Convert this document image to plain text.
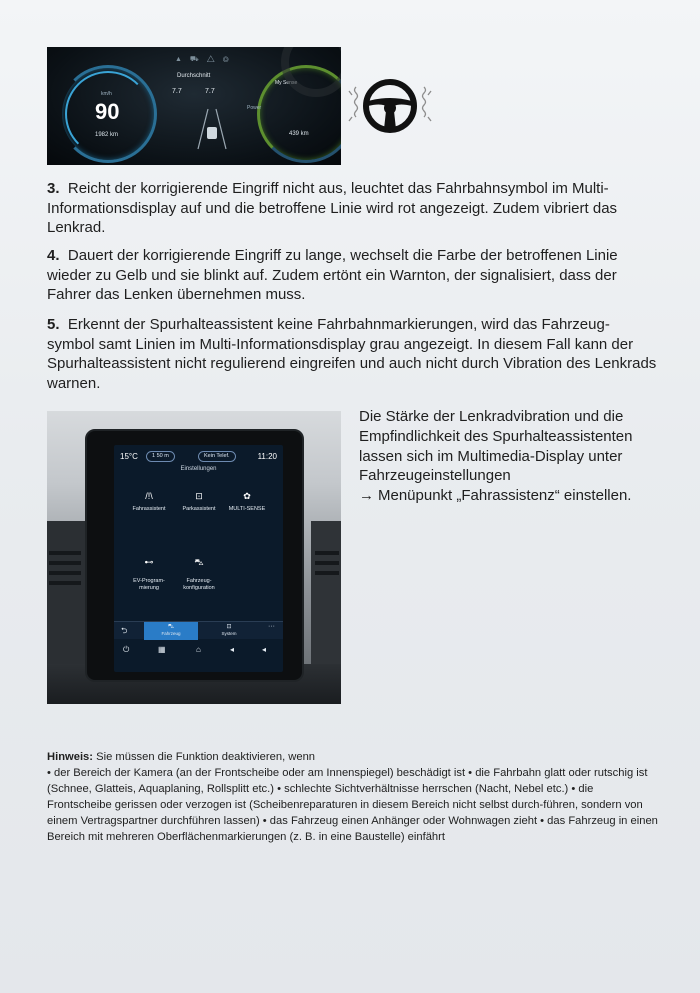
▲ ⛟ △ ◎
km/h
90
1982 km
Durchschnitt
7.7	7.7
My Sense
Power
439 km

3. Reicht der korrigierende Eingriff nicht aus, leuchtet das Fahrbahnsymbol im Multi-Informationsdisplay auf und die betroffene Linie wird rot angezeigt. Zudem vibriert das Lenkrad.

4. Dauert der korrigierende Eingriff zu lange, wechselt die Farbe der betroffenen Linie wieder zu Gelb und sie blinkt auf. Zudem ertönt ein Warnton, der signalisiert, dass der Fahrer das Lenken übernehmen muss.

5. Erkennt der Spurhalteassistent keine Fahrbahnmarkierungen, wird das Fahrzeug-symbol samt Linien im Multi-Informationsdisplay grau angezeigt. In diesem Fall kann der Spurhalteassistent nicht regulierend eingreifen und auch nicht durch Vibration des Lenkrads warnen.

15°C	1 50 m	Kein Telef.	11:20
Einstellungen
/!\
Fahrassistent
⊡
Parkassistent
✿
MULTI-SENSE

⊷

EV-Program-
mierung

⛍

Fahrzeug-
konfiguration

⛍
Fahrzeug
⊡
System
⮌	···
⏻	▦	⌂	◂	◂

Die Stärke der Lenkradvibration und die Empfindlichkeit des Spurhalteassistenten lassen sich im Multimedia-Display unter Fahrzeugeinstellungen
→ Menüpunkt „Fahrassistenz“ einstellen.

Hinweis: Sie müssen die Funktion deaktivieren, wenn
• der Bereich der Kamera (an der Frontscheibe oder am Innenspiegel) beschädigt ist • die Fahrbahn glatt oder rutschig ist (Schnee, Glatteis, Aquaplaning, Rollsplitt etc.) • schlechte Sichtverhältnisse herrschen (Nacht, Nebel etc.) • die Frontscheibe gerissen oder verzogen ist (Scheibenreparaturen in diesem Bereich nicht selbst durch-führen, sondern von einem Vertragspartner durchführen lassen) • das Fahrzeug einen Anhänger oder Wohnwagen zieht • das Fahrzeug in einen Bereich mit mehreren Oberflächenmarkierungen (z. B. in eine Baustelle) einfährt
